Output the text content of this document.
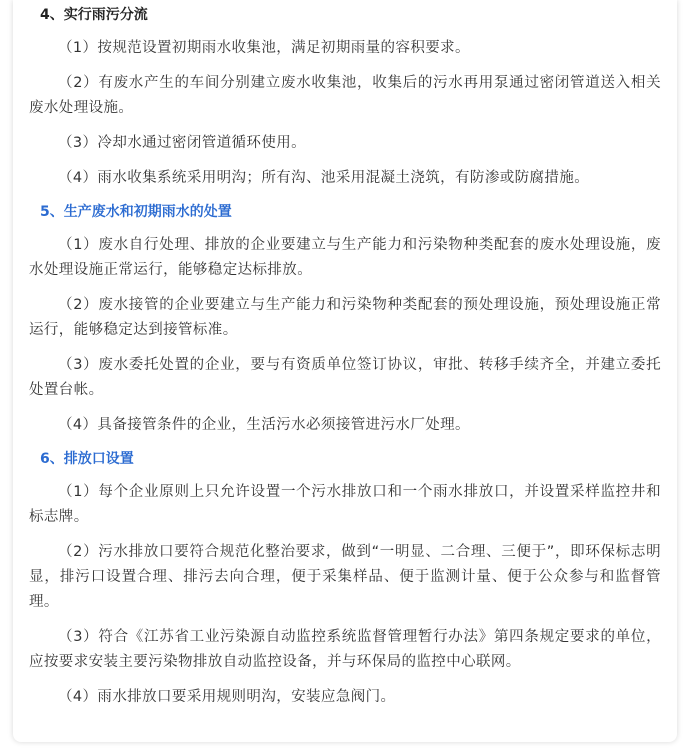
4、实行雨污分流

（1）按规范设置初期雨水收集池，满足初期雨量的容积要求。

（2）有废水产生的车间分别建立废水收集池，收集后的污水再用泵通过密闭管道送入相关废水处理设施。

（3）冷却水通过密闭管道循环使用。

（4）雨水收集系统采用明沟；所有沟、池采用混凝土浇筑，有防渗或防腐措施。

5、生产废水和初期雨水的处置

（1）废水自行处理、排放的企业要建立与生产能力和污染物种类配套的废水处理设施，废水处理设施正常运行，能够稳定达标排放。

（2）废水接管的企业要建立与生产能力和污染物种类配套的预处理设施，预处理设施正常运行，能够稳定达到接管标准。

（3）废水委托处置的企业，要与有资质单位签订协议，审批、转移手续齐全，并建立委托处置台帐。

（4）具备接管条件的企业，生活污水必须接管进污水厂处理。

6、排放口设置

（1）每个企业原则上只允许设置一个污水排放口和一个雨水排放口，并设置采样监控井和标志牌。

（2）污水排放口要符合规范化整治要求，做到“一明显、二合理、三便于”，即环保标志明显，排污口设置合理、排污去向合理，便于采集样品、便于监测计量、便于公众参与和监督管理。

（3）符合《江苏省工业污染源自动监控系统监督管理暂行办法》第四条规定要求的单位，应按要求安装主要污染物排放自动监控设备，并与环保局的监控中心联网。

（4）雨水排放口要采用规则明沟，安装应急阀门。
